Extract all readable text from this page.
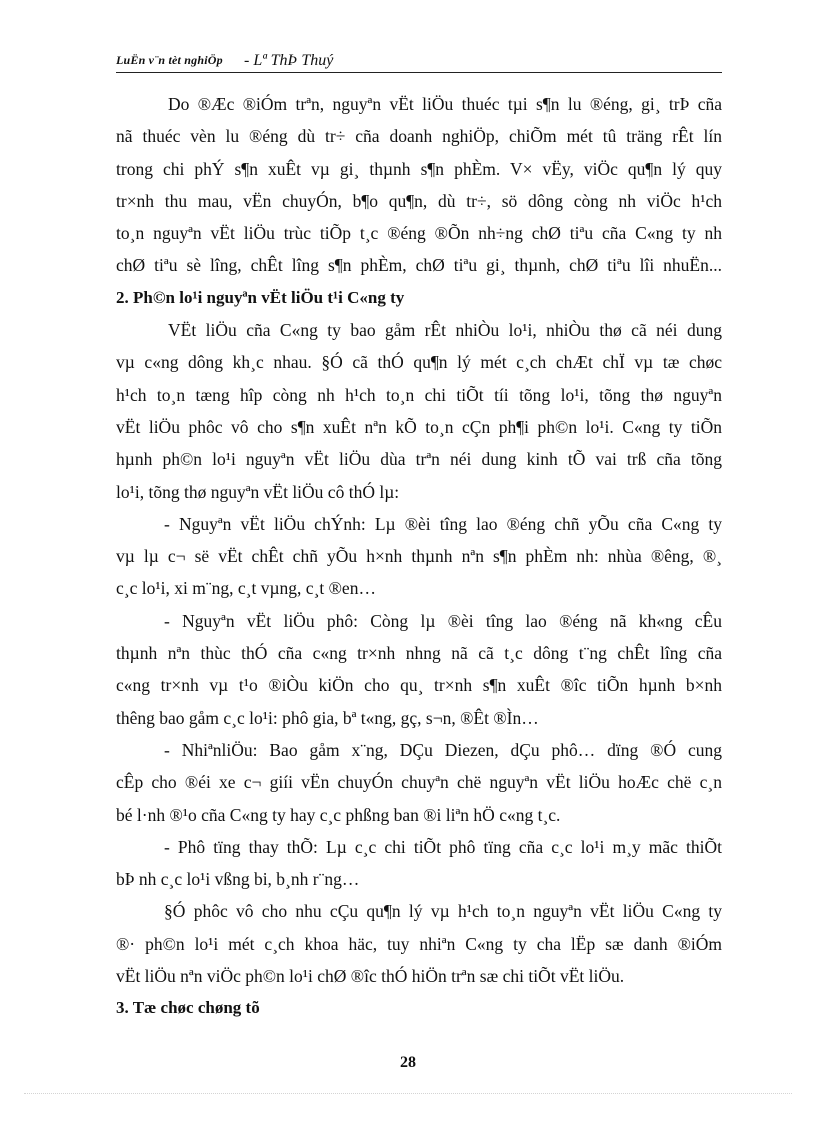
LuËn v¨n tèt nghiÖp - Lª ThÞ Thuý
Do ®Æc ®iÓm trªn, nguyªn vËt liÖu thuéc tµi s¶n lu ®éng, gi¸ trÞ cña
nã thuéc vèn lu ®éng dù tr÷ cña doanh nghiÖp, chiÕm mét tû träng rÊt lín
trong chi phÝ s¶n xuÊt vµ gi¸ thµnh s¶n phÈm. V× vËy, viÖc qu¶n lý quy
tr×nh thu mau, vËn chuyÓn, b¶o qu¶n, dù tr÷, sö dông còng nh viÖc h¹ch
to¸n nguyªn vËt liÖu trùc tiÕp t¸c ®éng ®Õn nh÷ng chØ tiªu cña C«ng ty nh
chØ tiªu sè lîng, chÊt lîng s¶n phÈm, chØ tiªu gi¸ thµnh, chØ tiªu lîi nhuËn...
2. Ph©n lo¹i nguyªn vËt liÖu t¹i C«ng ty
VËt liÖu cña C«ng ty bao gåm rÊt nhiÒu lo¹i, nhiÒu thø cã néi dung
vµ c«ng dông kh¸c nhau. §Ó cã thÓ qu¶n lý mét c¸ch chÆt chÏ vµ tæ chøc
h¹ch to¸n tæng hîp còng nh h¹ch to¸n chi tiÕt tíi tõng lo¹i, tõng thø nguyªn
vËt liÖu phôc vô cho s¶n xuÊt nªn kÕ to¸n cÇn ph¶i ph©n lo¹i. C«ng ty tiÕn
hµnh ph©n lo¹i nguyªn vËt liÖu dùa trªn néi dung kinh tÕ vai trß cña tõng
lo¹i, tõng thø nguyªn vËt liÖu cô thÓ lµ:
- Nguyªn vËt liÖu chÝnh: Lµ ®èi tîng lao ®éng chñ yÕu cña C«ng ty
vµ lµ c¬ së vËt chÊt chñ yÕu h×nh thµnh nªn s¶n phÈm nh: nhùa ®êng, ®¸
c¸c lo¹i, xi m¨ng, c¸t vµng, c¸t ®en…
- Nguyªn vËt liÖu phô: Còng lµ ®èi tîng lao ®éng nã kh«ng cÊu
thµnh nªn thùc thÓ cña c«ng tr×nh nhng nã cã t¸c dông t¨ng chÊt lîng cña
c«ng tr×nh vµ t¹o ®iÒu kiÖn cho qu¸ tr×nh s¶n xuÊt ®îc tiÕn hµnh b×nh
thêng bao gåm c¸c lo¹i: phô gia, bª t«ng, gç, s¬n, ®Êt ®Ìn…
- NhiªnliÖu: Bao gåm x¨ng, DÇu Diezen, dÇu phô… dïng ®Ó cung
cÊp cho ®éi xe c¬ giíi vËn chuyÓn chuyªn chë nguyªn vËt liÖu hoÆc chë c¸n
bé l·nh ®¹o cña C«ng ty hay c¸c phßng ban ®i liªn hÖ c«ng t¸c.
- Phô tïng thay thÕ: Lµ c¸c chi tiÕt phô tïng cña c¸c lo¹i m¸y mãc thiÕt
bÞ nh c¸c lo¹i vßng bi, b¸nh r¨ng…
§Ó phôc vô cho nhu cÇu qu¶n lý vµ h¹ch to¸n nguyªn vËt liÖu C«ng ty
®· ph©n lo¹i mét c¸ch khoa häc, tuy nhiªn C«ng ty cha lËp sæ danh ®iÓm
vËt liÖu nªn viÖc ph©n lo¹i chØ ®îc thÓ hiÖn trªn sæ chi tiÕt vËt liÖu.
3. Tæ chøc chøng tõ
28
